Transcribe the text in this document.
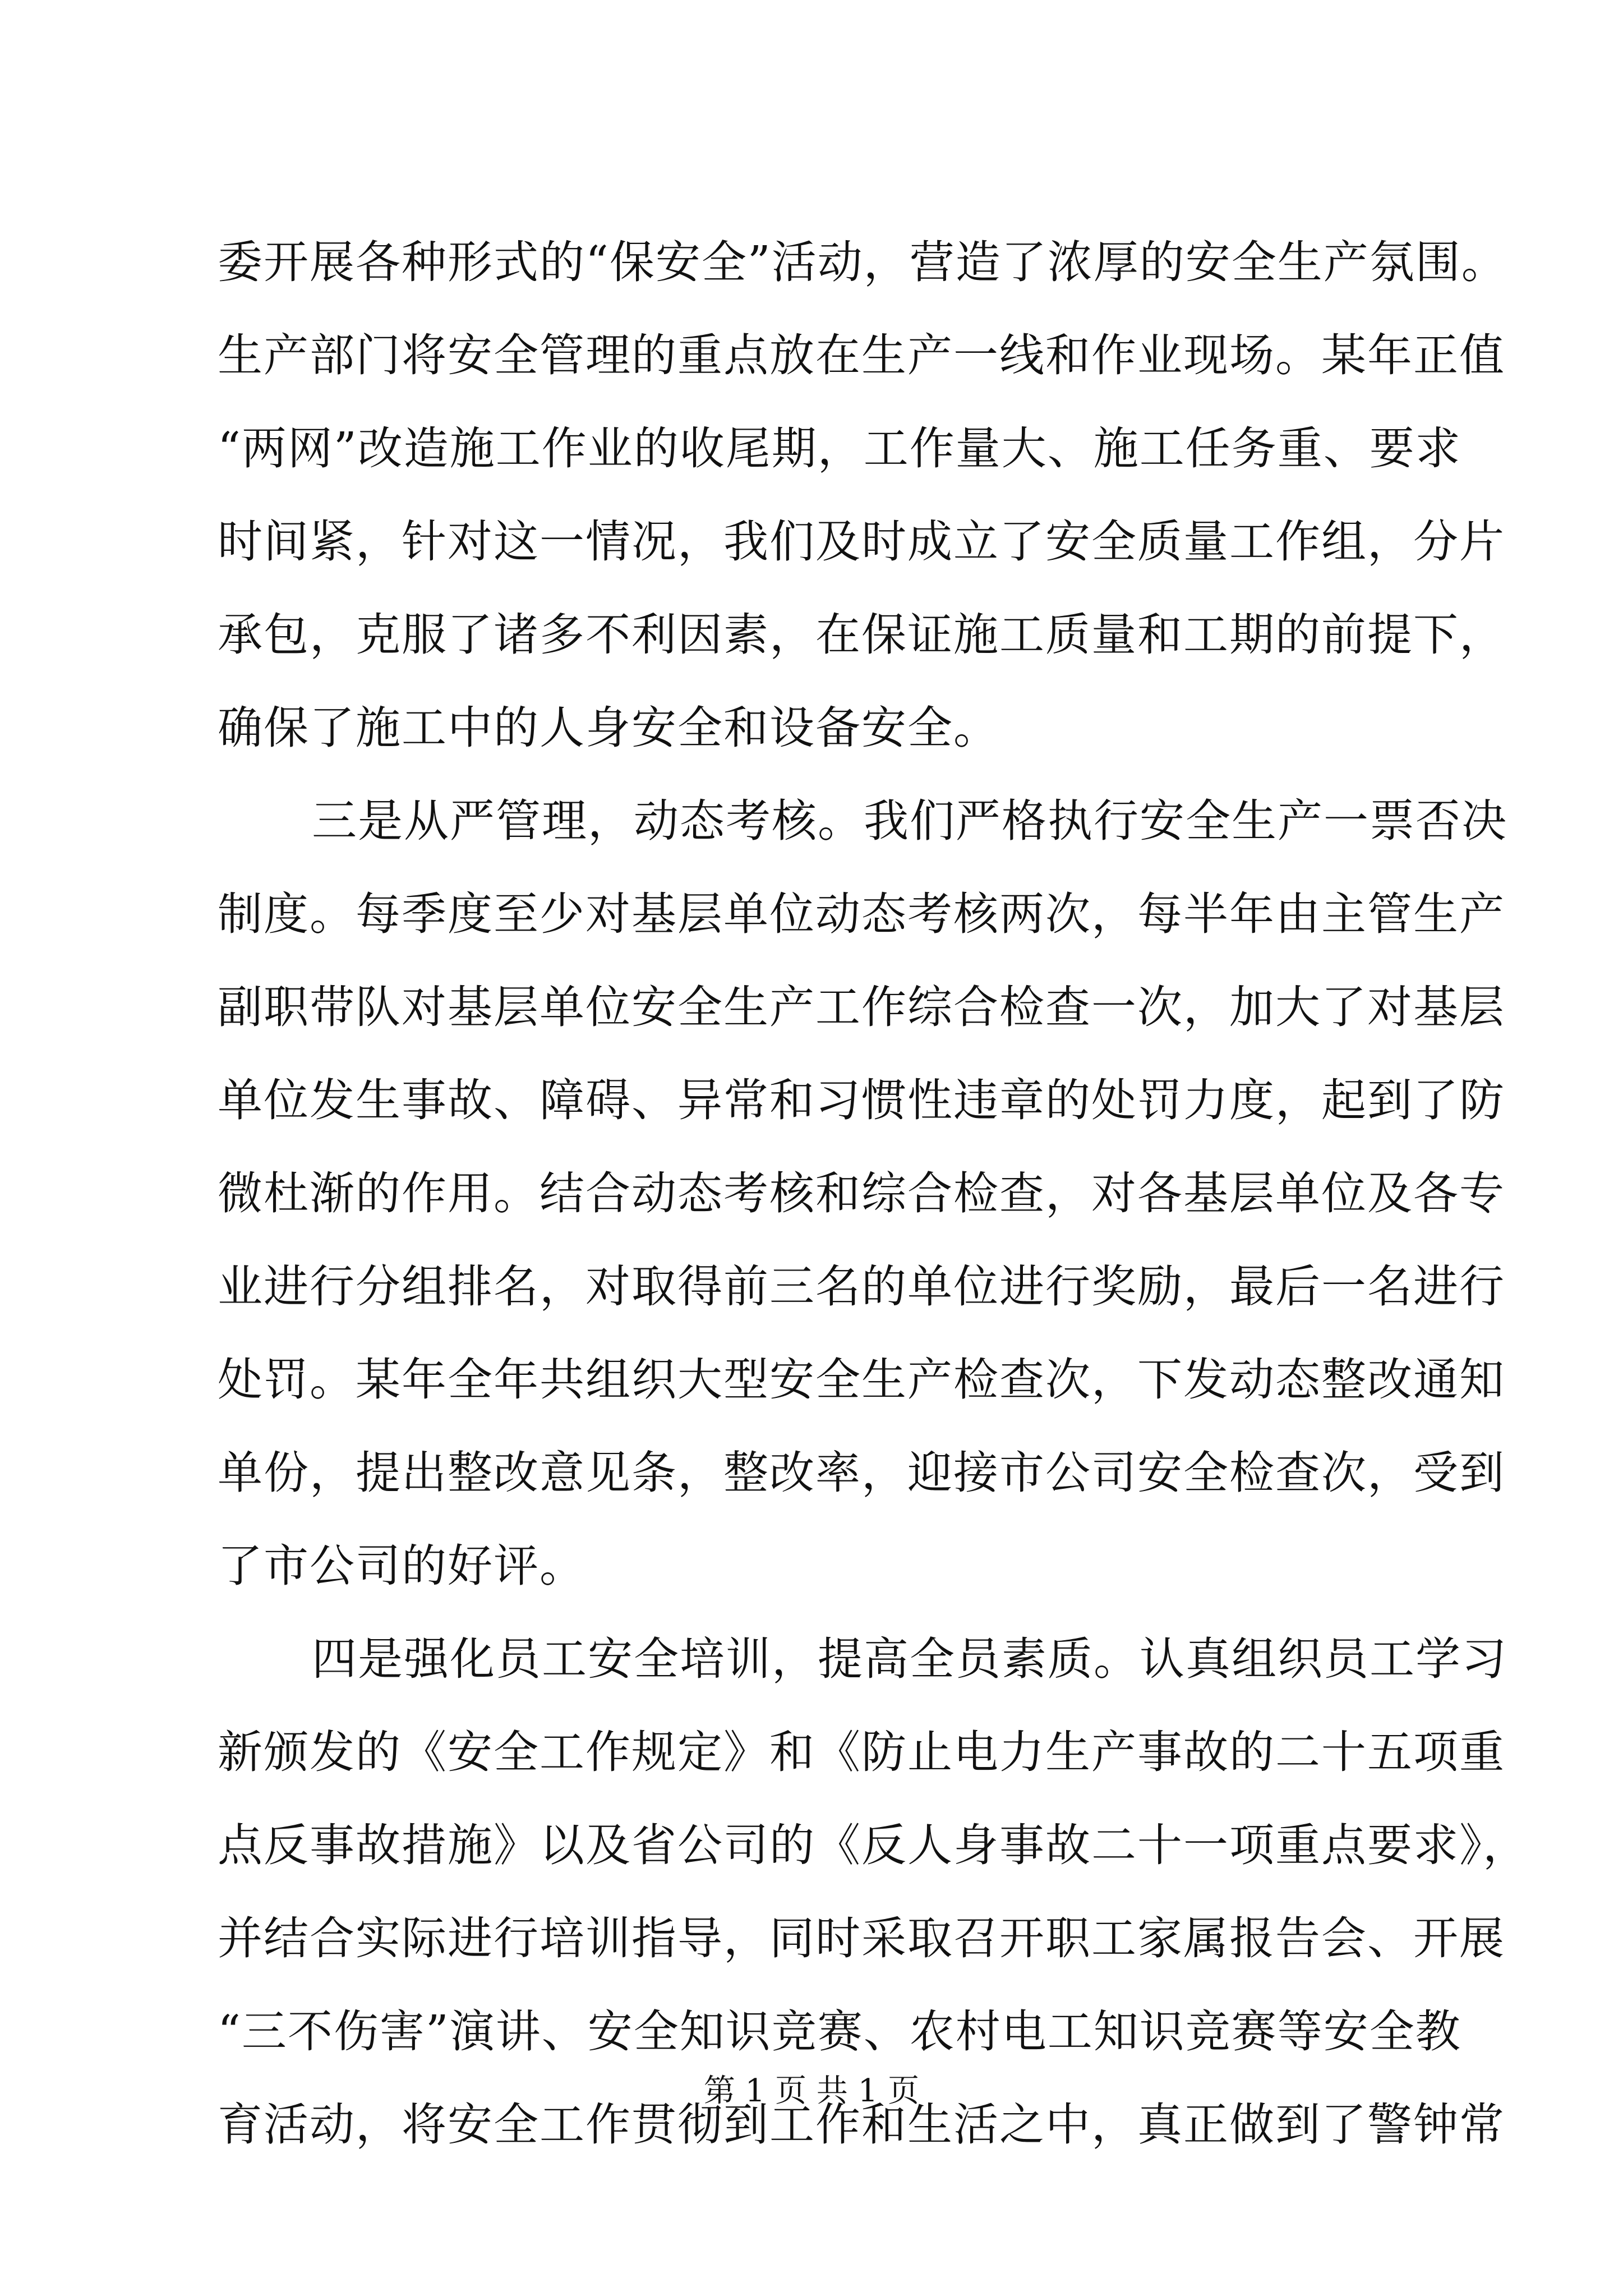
委开展各种形式的“保安全”活动，营造了浓厚的安全生产氛围。
生产部门将安全管理的重点放在生产一线和作业现场。某年正值
“两网”改造施工作业的收尾期，工作量大、施工任务重、要求
时间紧，针对这一情况，我们及时成立了安全质量工作组，分片
承包，克服了诸多不利因素，在保证施工质量和工期的前提下，
确保了施工中的人身安全和设备安全。
三是从严管理，动态考核。我们严格执行安全生产一票否决
制度。每季度至少对基层单位动态考核两次，每半年由主管生产
副职带队对基层单位安全生产工作综合检查一次，加大了对基层
单位发生事故、障碍、异常和习惯性违章的处罚力度，起到了防
微杜渐的作用。结合动态考核和综合检查，对各基层单位及各专
业进行分组排名，对取得前三名的单位进行奖励，最后一名进行
处罚。某年全年共组织大型安全生产检查次，下发动态整改通知
单份，提出整改意见条，整改率，迎接市公司安全检查次，受到
了市公司的好评。
四是强化员工安全培训，提高全员素质。认真组织员工学习
新颁发的《安全工作规定》和《防止电力生产事故的二十五项重
点反事故措施》以及省公司的《反人身事故二十一项重点要求》，
并结合实际进行培训指导，同时采取召开职工家属报告会、开展
“三不伤害”演讲、安全知识竞赛、农村电工知识竞赛等安全教
育活动，将安全工作贯彻到工作和生活之中，真正做到了警钟常
第 1 页 共 1 页
